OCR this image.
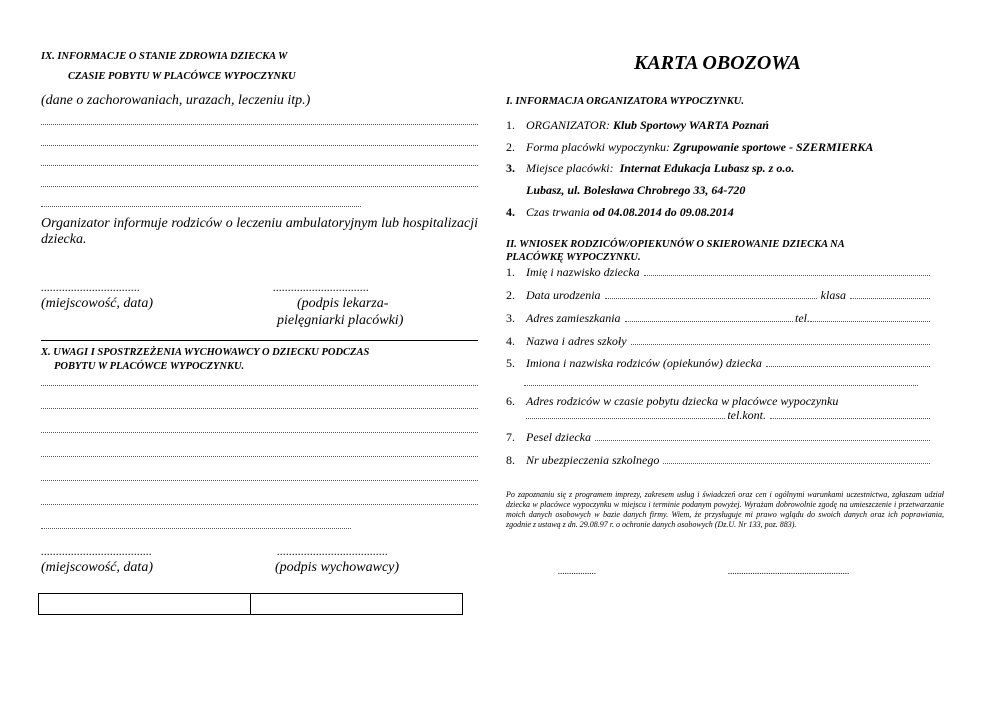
IX. INFORMACJE O STANIE ZDROWIA DZIECKA W
CZASIE POBYTU W PLACÓWCE WYPOCZYNKU
(dane o zachorowaniach, urazach, leczeniu itp.)
Organizator informuje rodziców o leczeniu ambulatoryjnym lub hospitalizacji dziecka.
.................................	................................
(miejscowość, data)	(podpis lekarza-
pielęgniarki placówki)
X. UWAGI I SPOSTRZEŻENIA WYCHOWAWCY O DZIECKU PODCZAS
POBYTU W PLACÓWCE WYPOCZYNKU.
.....................................	.....................................
(miejscowość, data)	(podpis wychowawcy)
KARTA OBOZOWA
I. INFORMACJA ORGANIZATORA WYPOCZYNKU.
1. ORGANIZATOR: Klub Sportowy WARTA Poznań
2. Forma placówki wypoczynku: Zgrupowanie sportowe - SZERMIERKA
3. Miejsce placówki: Internat Edukacja Lubasz sp. z o.o.
Lubasz, ul. Bolesława Chrobrego 33, 64-720
4. Czas trwania od 04.08.2014 do 09.08.2014
II. WNIOSEK RODZICÓW/OPIEKUNÓW O SKIEROWANIE DZIECKA NA
PLACÓWKĘ WYPOCZYNKU.
1. Imię i nazwisko dziecka
2. Data urodzenia	klasa
3. Adres zamieszkania	tel.
4. Nazwa i adres szkoły
5. Imiona i nazwiska rodziców (opiekunów) dziecka
6. Adres rodziców w czasie pobytu dziecka w placówce wypoczynku
tel.kont.
7. Pesel dziecka
8. Nr ubezpieczenia szkolnego
Po zapoznaniu się z programem imprezy, zakresem usług i świadczeń oraz cen i ogólnymi warunkami uczestnictwa, zgłaszam udział dziecka w placówce wypoczynku w miejscu i terminie podanym powyżej. Wyrażam dobrowolnie zgodę na umieszczenie i przetwarzanie moich danych osobowych w bazie danych firmy. Wiem, że przysługuje mi prawo wglądu do swoich danych oraz ich poprawiania, zgodnie z ustawą z dn. 29.08.97 r. o ochronie danych osobowych (Dz.U. Nr 133, poz. 883).
.................	......................................................
